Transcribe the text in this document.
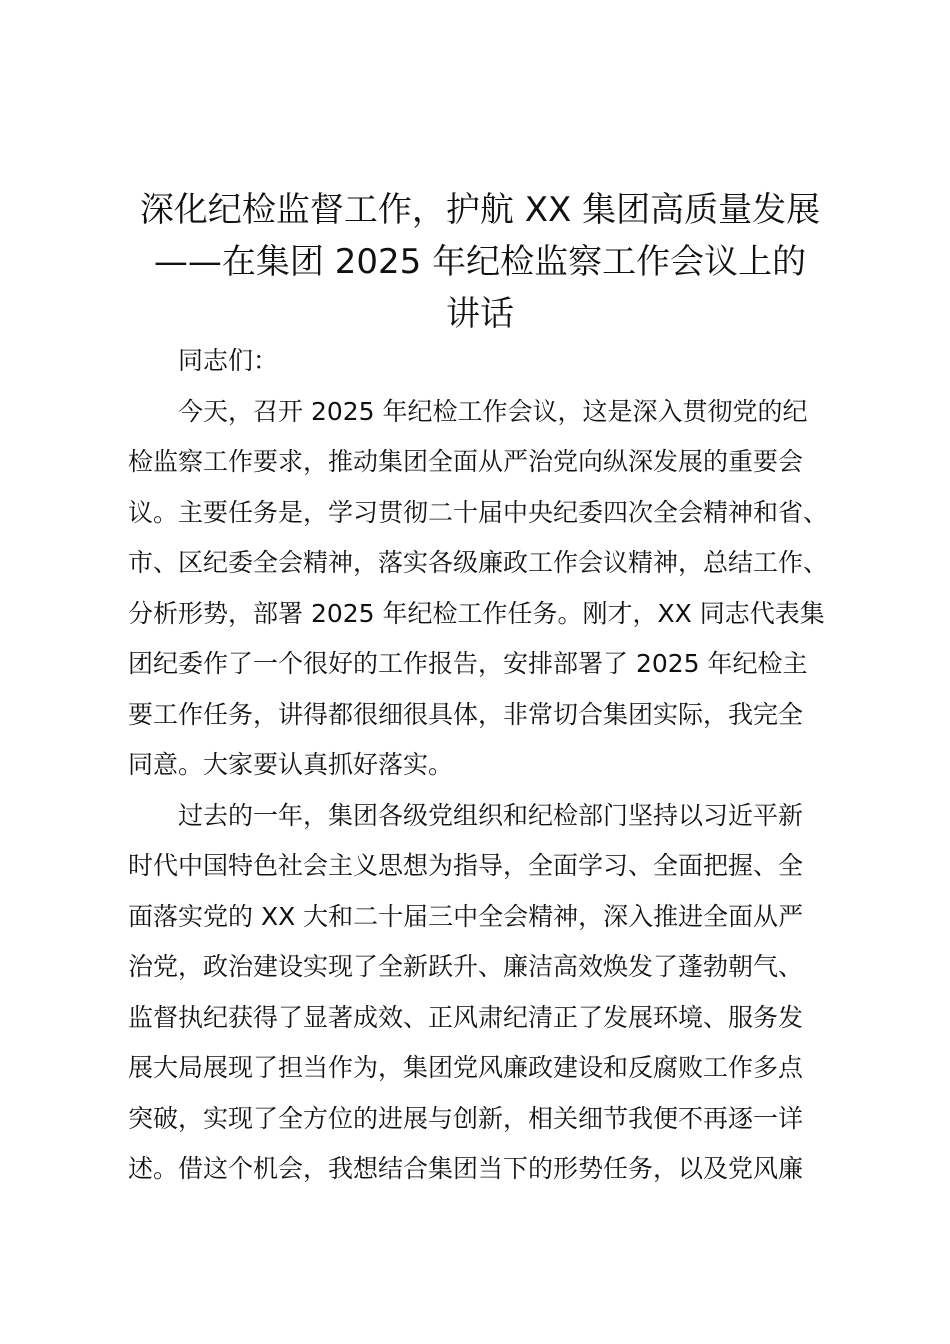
深化纪检监督工作，护航 XX 集团高质量发展
——在集团 2025 年纪检监察工作会议上的
讲话
同志们：
今天，召开 2025 年纪检工作会议，这是深入贯彻党的纪
检监察工作要求，推动集团全面从严治党向纵深发展的重要会
议。主要任务是，学习贯彻二十届中央纪委四次全会精神和省、
市、区纪委全会精神，落实各级廉政工作会议精神，总结工作、
分析形势，部署 2025 年纪检工作任务。刚才，XX 同志代表集
团纪委作了一个很好的工作报告，安排部署了 2025 年纪检主
要工作任务，讲得都很细很具体，非常切合集团实际，我完全
同意。大家要认真抓好落实。
过去的一年，集团各级党组织和纪检部门坚持以习近平新
时代中国特色社会主义思想为指导，全面学习、全面把握、全
面落实党的 XX 大和二十届三中全会精神，深入推进全面从严
治党，政治建设实现了全新跃升、廉洁高效焕发了蓬勃朝气、
监督执纪获得了显著成效、正风肃纪清正了发展环境、服务发
展大局展现了担当作为，集团党风廉政建设和反腐败工作多点
突破，实现了全方位的进展与创新，相关细节我便不再逐一详
述。借这个机会，我想结合集团当下的形势任务，以及党风廉
